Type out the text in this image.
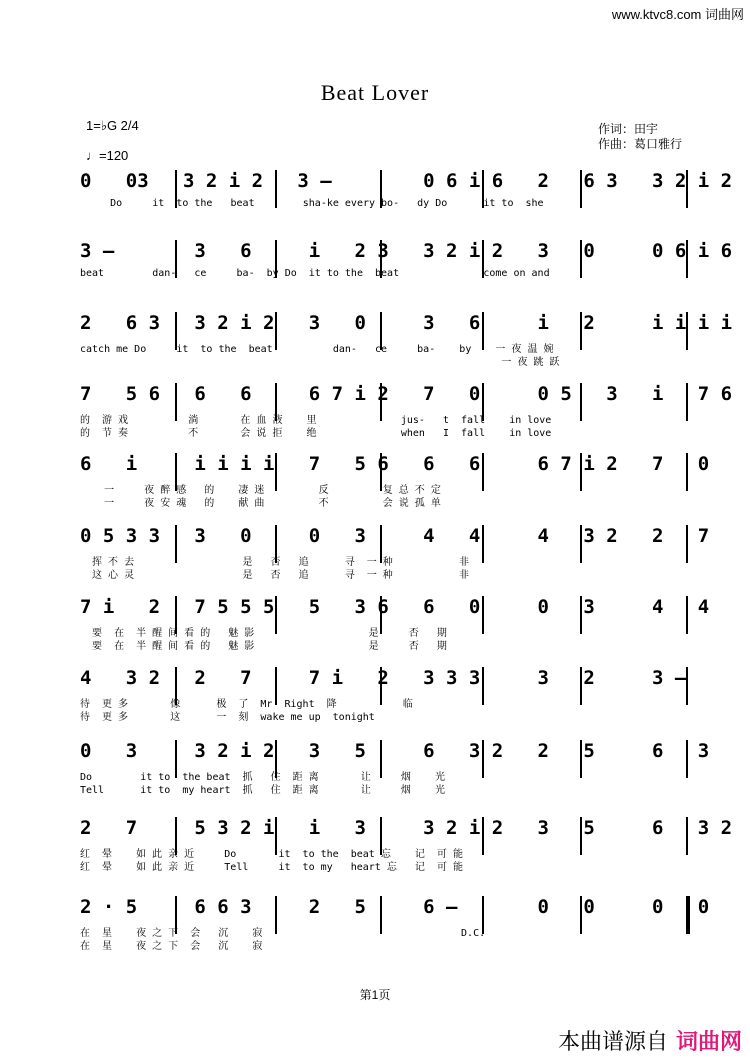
www.ktvc8.com 词曲网
Beat Lover
1=♭G 2/4
♩=120
作词：田宇
作曲：葛口雅行
0   03   3 2 i 2   3 –        0 6 i 6   2   6 3   3 2 i 2
Do     it  to the   beat        sha-ke every bo-   dy Do      it to  she
3 –       3   6     i   2 3   3 2 i 2   3   0     0 6 i 6
beat        dan-   ce     ba-  by Do  it to the  beat              come on and
2   6 3   3 2 i 2   3   0     3   6     i   2     i i i i
catch me Do     it  to the  beat          dan-   ce     ba-    by    一 夜 温 婉
一 夜 跳 跃
7   5 6   6   6     6 7 i 2   7   0     0 5   3   i   7 6
的  游 戏          淌       在 血 液    里              jus-   t  fall    in love
的  节 奏          不       会 说 拒    绝              when   I  fall    in love
6   i     i i i i   7   5 6   6   6     6 7 i 2   7   0
一     夜 醉 感   的    凄 迷         反         复 总 不 定
一     夜 安 魂   的    献 曲         不         会 说 孤 单
0 5 3 3   3   0     0   3     4   4     4   3 2   2   7
挥 不 去                  是   否   追      寻  一 种           非
这 心 灵                  是   否   追      寻  一 种           非
7 i   2   7 5 5 5   5   3 6   6   0     0   3     4   4
要  在  半 醒 间 看 的   魅 影                   是     否   期
要  在  半 醒 间 看 的   魅 影                   是     否   期
4   3 2   2   7     7 i   2   3 3 3     3   2     3 –
待  更 多       像      极  了  Mr  Right  降           临
待  更 多       这      一  刻  wake me up  tonight
0   3     3 2 i 2   3   5     6   3 2   2   5     6   3
Do        it to  the beat  抓   住  距 离       让     烟    光
Tell      it to  my heart  抓   住  距 离       让     烟    光
2   7     5 3 2 i   i   3     3 2 i 2   3   5     6   3 2
红  晕    如 此 亲 近     Do       it  to the  beat 忘    记  可 能
红  晕    如 此 亲 近     Tell     it  to my   heart 忘   记  可 能
2 · 5     6 6 3     2   5     6 –       0   0     0   0
在  星    夜 之 下  会   沉    寂                                 D.C.
在  星    夜 之 下  会   沉    寂
第1页
本曲谱源自 词曲网
